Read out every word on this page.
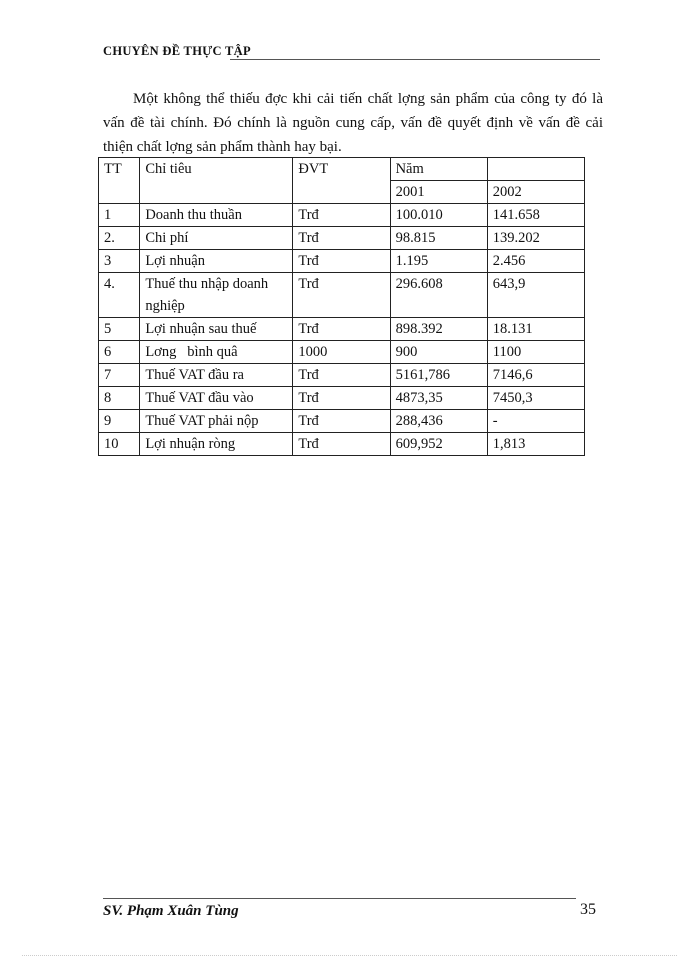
CHUYÊN ĐỀ THỰC TẬP

Một không thể thiếu đợc khi cải tiến chất lợng sản phẩm của công ty đó là vấn đề tài chính. Đó chính là nguồn cung cấp, vấn đề quyết định về vấn đề cải thiện chất lợng sản phẩm thành hay bại.

TT	Chỉ tiêu	ĐVT	Năm	
			2001	2002
1	Doanh thu thuần	Trđ	100.010	141.658
2.	Chi phí	Trđ	98.815	139.202
3	Lợi nhuận	Trđ	1.195	2.456
4.	Thuế thu nhập doanh nghiệp	Trđ	296.608	643,9
5	Lợi nhuận sau thuế	Trđ	898.392	18.131
6	Lơng   bình quâ	1000	900	1100
7	Thuế VAT đầu ra	Trđ	5161,786	7146,6
8	Thuế VAT đầu vào	Trđ	4873,35	7450,3
9	Thuế VAT phải nộp	Trđ	288,436	-
10	Lợi nhuận ròng	Trđ	609,952	1,813
SV. Phạm Xuân Tùng	35
